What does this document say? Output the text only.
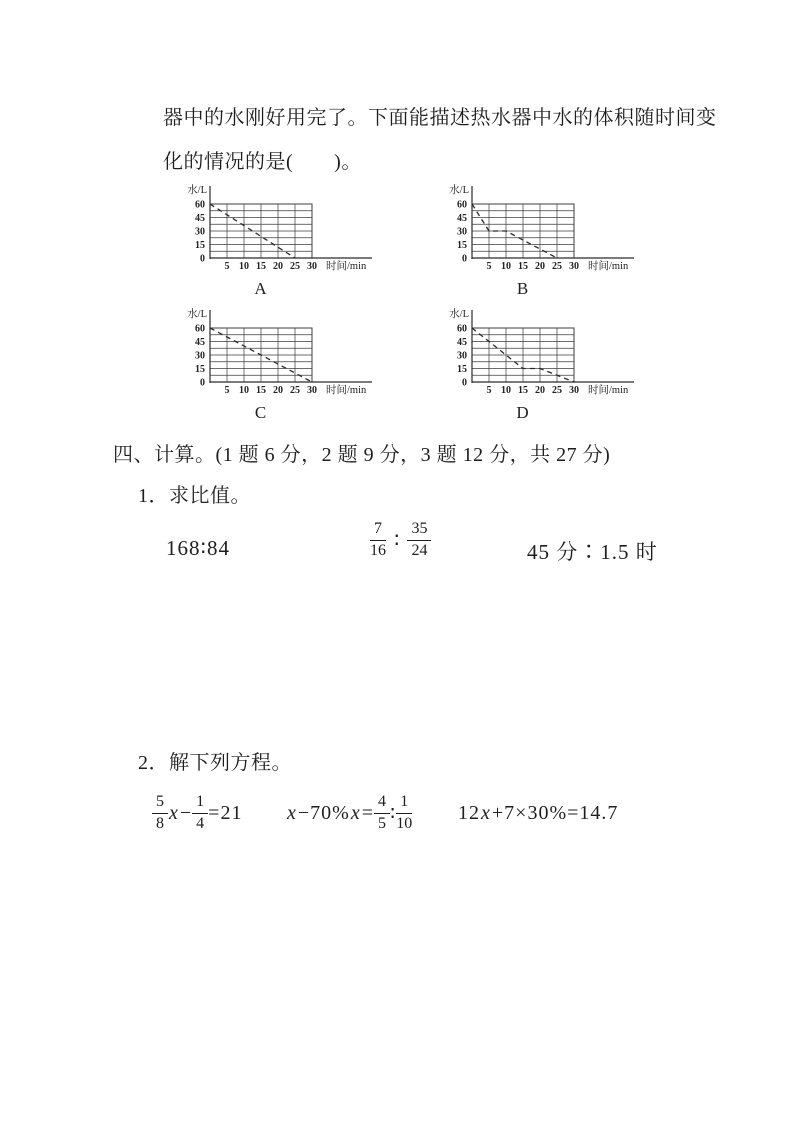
器中的水刚好用完了。下面能描述热水器中水的体积随时间变
化的情况的是(　　)。
0
15
30
45
60
5 10 15 20 25 30
水/L
时间/min
A
0
15
30
45
60
5 10 15 20 25 30
水/L
时间/min
B
0
15
30
45
60
5 10 15 20 25 30
水/L
时间/min
C
0
15
30
45
60
5 10 15 20 25 30
水/L
时间/min
D
四、计算。(1 题 6 分，2 题 9 分，3 题 12 分，共 27 分)
1．求比值。
168∶84	$\frac{7}{16}$ ∶ $\frac{35}{24}$	45 分∶1.5 时
2．解下列方程。
$\frac{5}{8}$ $x - \frac{1}{4} =21$ x −70% $x = \frac{4}{5}$ ∶ $\frac{1}{10} 12$ x +7×30%=14.7
